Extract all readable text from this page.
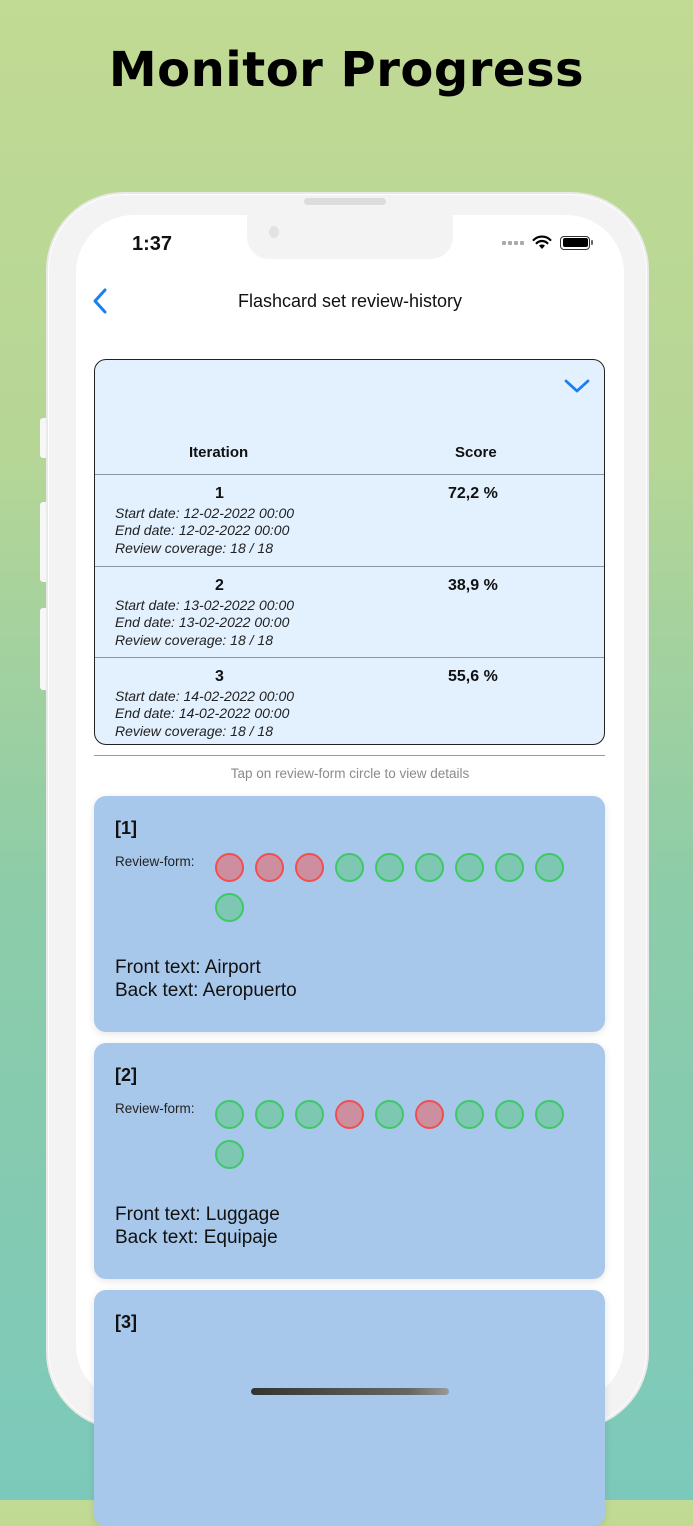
Monitor Progress
1:37
Flashcard set review-history
Iteration	Score
1	72,2 %
Start date: 12-02-2022 00:00
End date: 12-02-2022 00:00
Review coverage: 18 / 18
2	38,9 %
Start date: 13-02-2022 00:00
End date: 13-02-2022 00:00
Review coverage: 18 / 18
3	55,6 %
Start date: 14-02-2022 00:00
End date: 14-02-2022 00:00
Review coverage: 18 / 18
Tap on review-form circle to view details
[1]
Review-form:
Front text: Airport
Back text: Aeropuerto
[2]
Review-form:
Front text: Luggage
Back text: Equipaje
[3]
